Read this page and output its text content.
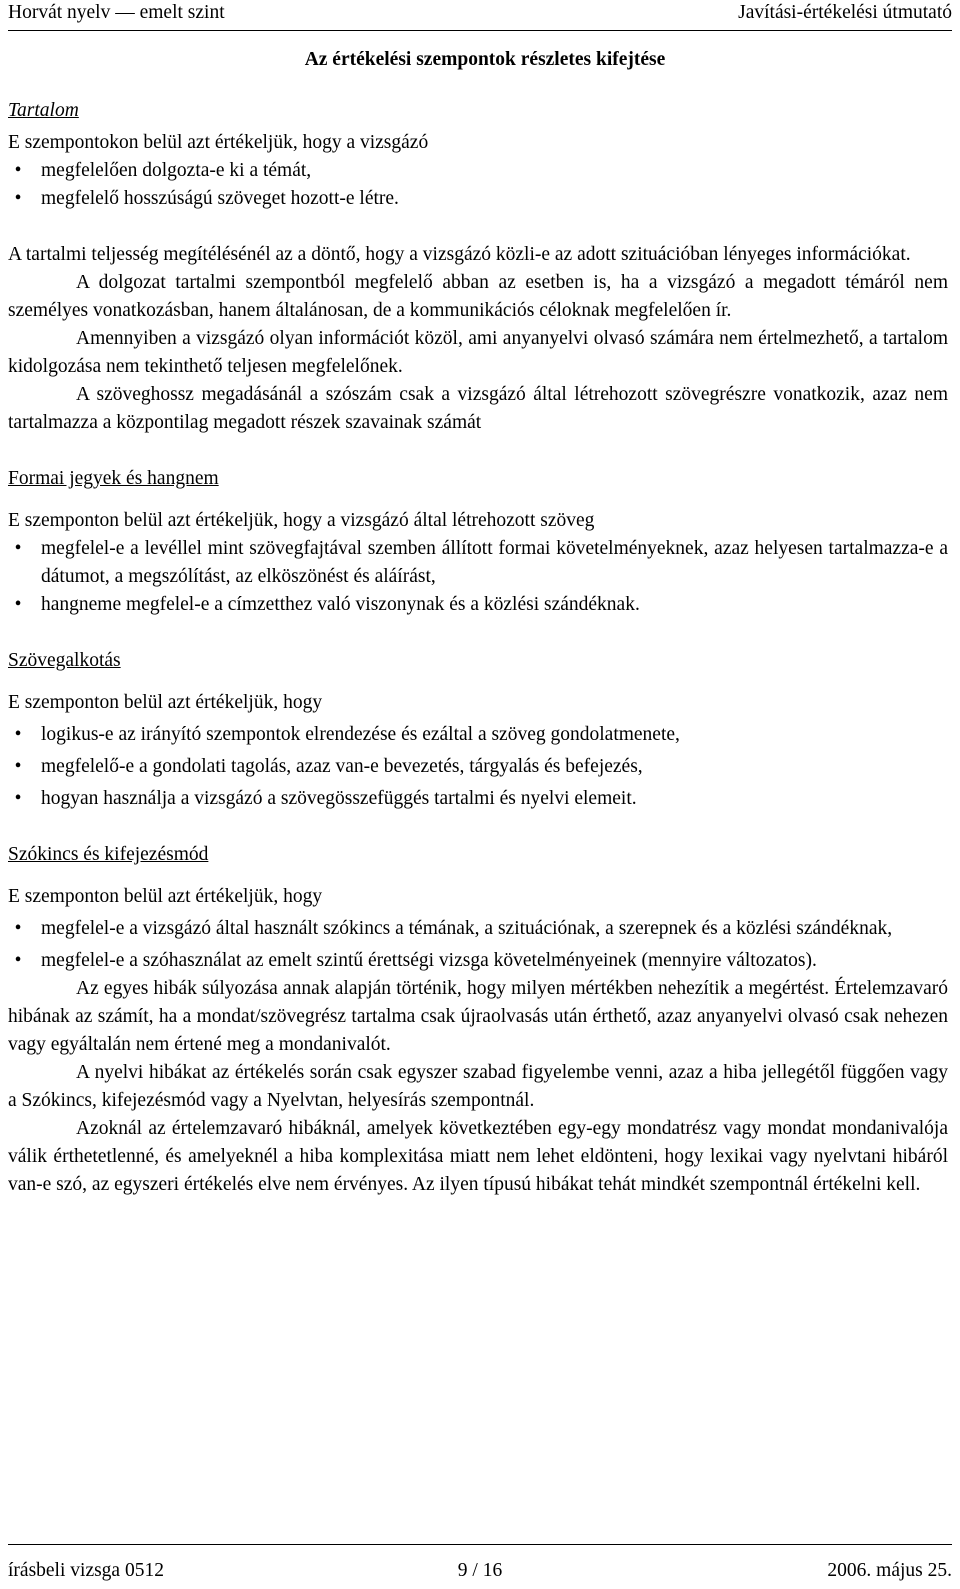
Horvát nyelv — emelt szint	Javítási-értékelési útmutató
Az értékelési szempontok részletes kifejtése

Tartalom

E szempontokon belül azt értékeljük, hogy a vizsgázó

•	megfelelően dolgozta-e ki a témát,
•	megfelelő hosszúságú szöveget hozott-e létre.

A tartalmi teljesség megítélésénél az a döntő, hogy a vizsgázó közli-e az adott szituációban lényeges információkat.

A dolgozat tartalmi szempontból megfelelő abban az esetben is, ha a vizsgázó a megadott témáról nem személyes vonatkozásban, hanem általánosan, de a kommunikációs céloknak megfelelően ír.

Amennyiben a vizsgázó olyan információt közöl, ami anyanyelvi olvasó számára nem értelmezhető, a tartalom kidolgozása nem tekinthető teljesen megfelelőnek.

A szöveghossz megadásánál a szószám csak a vizsgázó által létrehozott szövegrészre vonatkozik, azaz nem tartalmazza a központilag megadott részek szavainak számát

Formai jegyek és hangnem

E szemponton belül azt értékeljük, hogy a vizsgázó által létrehozott szöveg

•	megfelel-e a levéllel mint szövegfajtával szemben állított formai követelményeknek, azaz helyesen tartalmazza-e a dátumot, a megszólítást, az elköszönést és aláírást,
•	hangneme megfelel-e a címzetthez való viszonynak és a közlési szándéknak.

Szövegalkotás

E szemponton belül azt értékeljük, hogy

•	logikus-e az irányító szempontok elrendezése és ezáltal a szöveg gondolatmenete,
•	megfelelő-e a gondolati tagolás, azaz van-e bevezetés, tárgyalás és befejezés,
•	hogyan használja a vizsgázó a szövegösszefüggés tartalmi és nyelvi elemeit.

Szókincs és kifejezésmód

E szemponton belül azt értékeljük, hogy

•	megfelel-e a vizsgázó által használt szókincs a témának, a szituációnak, a szerepnek és a közlési szándéknak,
•	megfelel-e a szóhasználat az emelt szintű érettségi vizsga követelményeinek (mennyire változatos).

Az egyes hibák súlyozása annak alapján történik, hogy milyen mértékben nehezítik a megértést. Értelemzavaró hibának az számít, ha a mondat/szövegrész tartalma csak újraolvasás után érthető, azaz anyanyelvi olvasó csak nehezen vagy egyáltalán nem értené meg a mondanivalót.

A nyelvi hibákat az értékelés során csak egyszer szabad figyelembe venni, azaz a hiba jellegétől függően vagy a Szókincs, kifejezésmód vagy a Nyelvtan, helyesírás szempontnál.

Azoknál az értelemzavaró hibáknál, amelyek következtében egy-egy mondatrész vagy mondat mondanivalója válik érthetetlenné, és amelyeknél a hiba komplexitása miatt nem lehet eldönteni, hogy lexikai vagy nyelvtani hibáról van-e szó, az egyszeri értékelés elve nem érvényes. Az ilyen típusú hibákat tehát mindkét szempontnál értékelni kell.

írásbeli vizsga 0512	9 / 16	2006. május 25.
